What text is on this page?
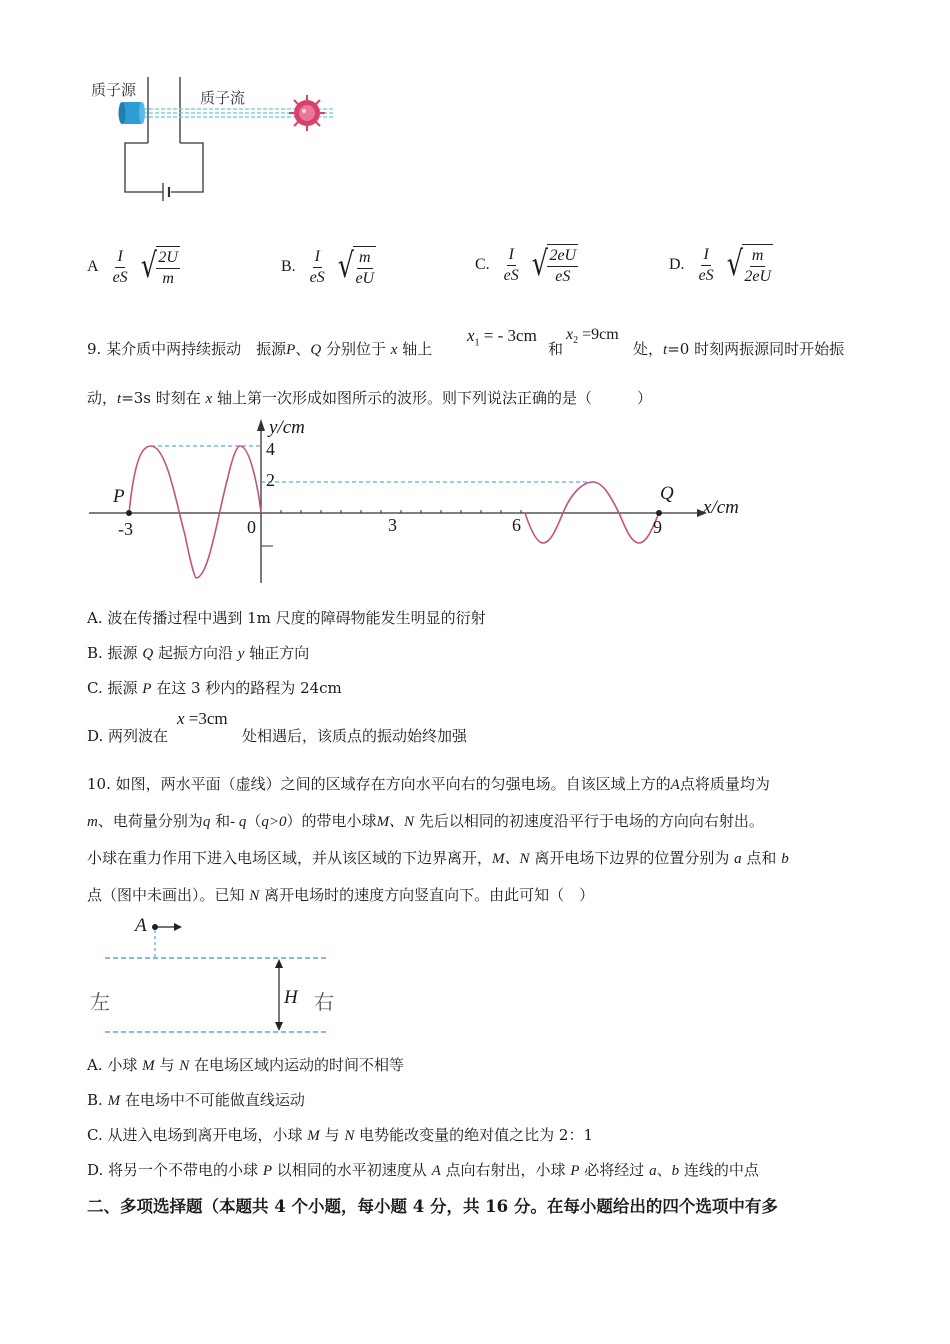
质子源	质子流
A $\frac{I}{eS}$ √ $\frac{2U}{m}$	B. $\frac{I}{eS}$ √ $\frac{m}{eU}$	C. $\frac{I}{eS}$ √ $\frac{2eU}{eS}$	D. $\frac{I}{eS}$ √ $\frac{m}{2eU}$
9. 某介质中两持续振动　 振源P、Q 分别位于 x 轴上
$x_1$ = - 3cm
和
$x_2 =9cm$
处，t=0 时刻两振源同时开始振
动，t=3s 时刻在 x 轴上第一次形成如图所示的波形。则下列说法正确的是（　　　）
y/cm
x/cm
4
2
-3	0	3	6	9
P	Q
A. 波在传播过程中遇到 1m 尺度的障碍物能发生明显的衍射
B. 振源 Q 起振方向沿 y 轴正方向
C. 振源 P 在这 3 秒内的路程为 24cm
D. 两列波在
x =3cm
处相遇后，该质点的振动始终加强
10. 如图，两水平面（虚线）之间的区域存在方向水平向右的匀强电场。自该区域上方的A点将质量均为
m、电荷量分别为q 和- q（q>0）的带电小球M、N 先后以相同的初速度沿平行于电场的方向向右射出。
小球在重力作用下进入电场区域，并从该区域的下边界离开，M、N 离开电场下边界的位置分别为 a 点和 b
点（图中未画出）。已知 N 离开电场时的速度方向竖直向下。由此可知（　）
A
左	H 右
A. 小球 M 与 N 在电场区域内运动的时间不相等
B. M 在电场中不可能做直线运动
C. 从进入电场到离开电场，小球 M 与 N 电势能改变量的绝对值之比为 2：1
D. 将另一个不带电的小球 P 以相同的水平初速度从 A 点向右射出，小球 P 必将经过 a、b 连线的中点
二、多项选择题（本题共 4 个小题，每小题 4 分，共 16 分。在每小题给出的四个选项中有多
